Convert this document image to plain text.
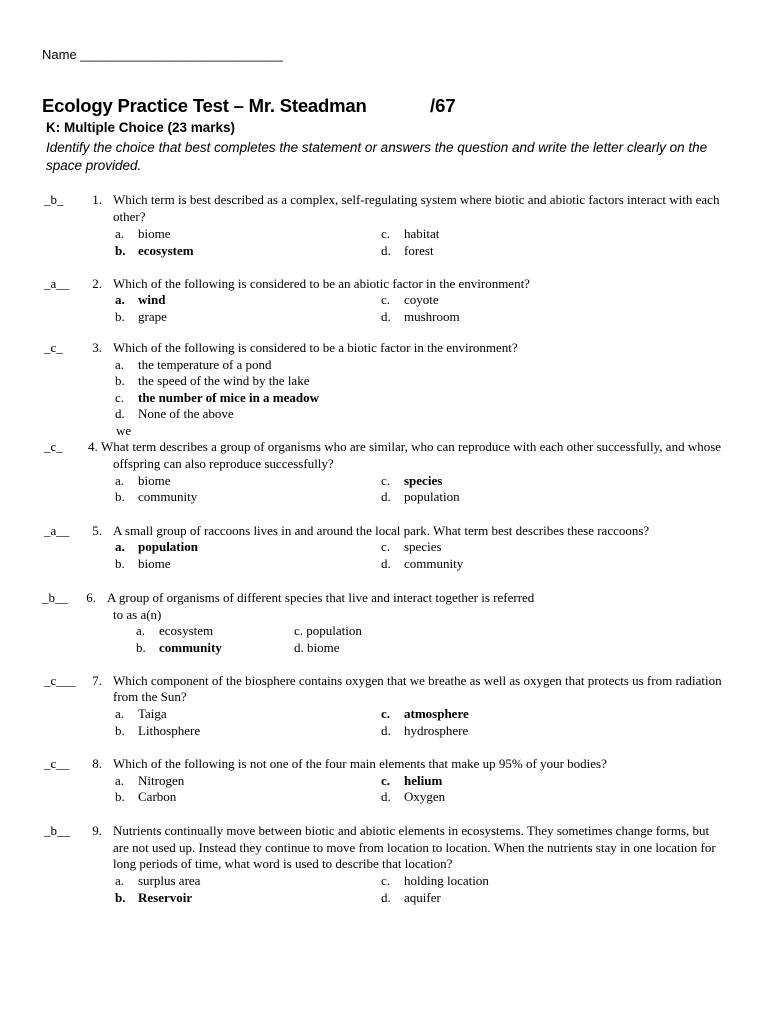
Name ____________________________
Ecology Practice Test – Mr. Steadman	/67
K: Multiple Choice (23 marks)
Identify the choice that best completes the statement or answers the question and write the letter clearly on the space provided.
_b_	1. Which term is best described as a complex, self-regulating system where biotic and abiotic factors interact with each other?
a. biome
b. ecosystem
c. habitat
d. forest
_a__	2. Which of the following is considered to be an abiotic factor in the environment?
a. wind
b. grape
c. coyote
d. mushroom
_c_	3. Which of the following is considered to be a biotic factor in the environment?
a. the temperature of a pond
b. the speed of the wind by the lake
c. the number of mice in a meadow
d. None of the above
we
_c_ 4. What term describes a group of organisms who are similar, who can reproduce with each other successfully, and whose offspring can also reproduce successfully?
a. biome
b. community
c. species
d. population
_a__	5. A small group of raccoons lives in and around the local park. What term best describes these raccoons?
a. population
b. biome
c. species
d. community
_b__	6. A group of organisms of different species that live and interact together is referred
to as a(n)
a. ecosystem
b. community
c. population
d. biome
_c___	7. Which component of the biosphere contains oxygen that we breathe as well as oxygen that protects us from radiation from the Sun?
a. Taiga
b. Lithosphere
c. atmosphere
d. hydrosphere
_c__	8. Which of the following is not one of the four main elements that make up 95% of your bodies?
a. Nitrogen
b. Carbon
c. helium
d. Oxygen
_b__	9. Nutrients continually move between biotic and abiotic elements in ecosystems. They sometimes change forms, but are not used up. Instead they continue to move from location to location. When the nutrients stay in one location for long periods of time, what word is used to describe that location?
a. surplus area
b. Reservoir
c. holding location
d. aquifer
